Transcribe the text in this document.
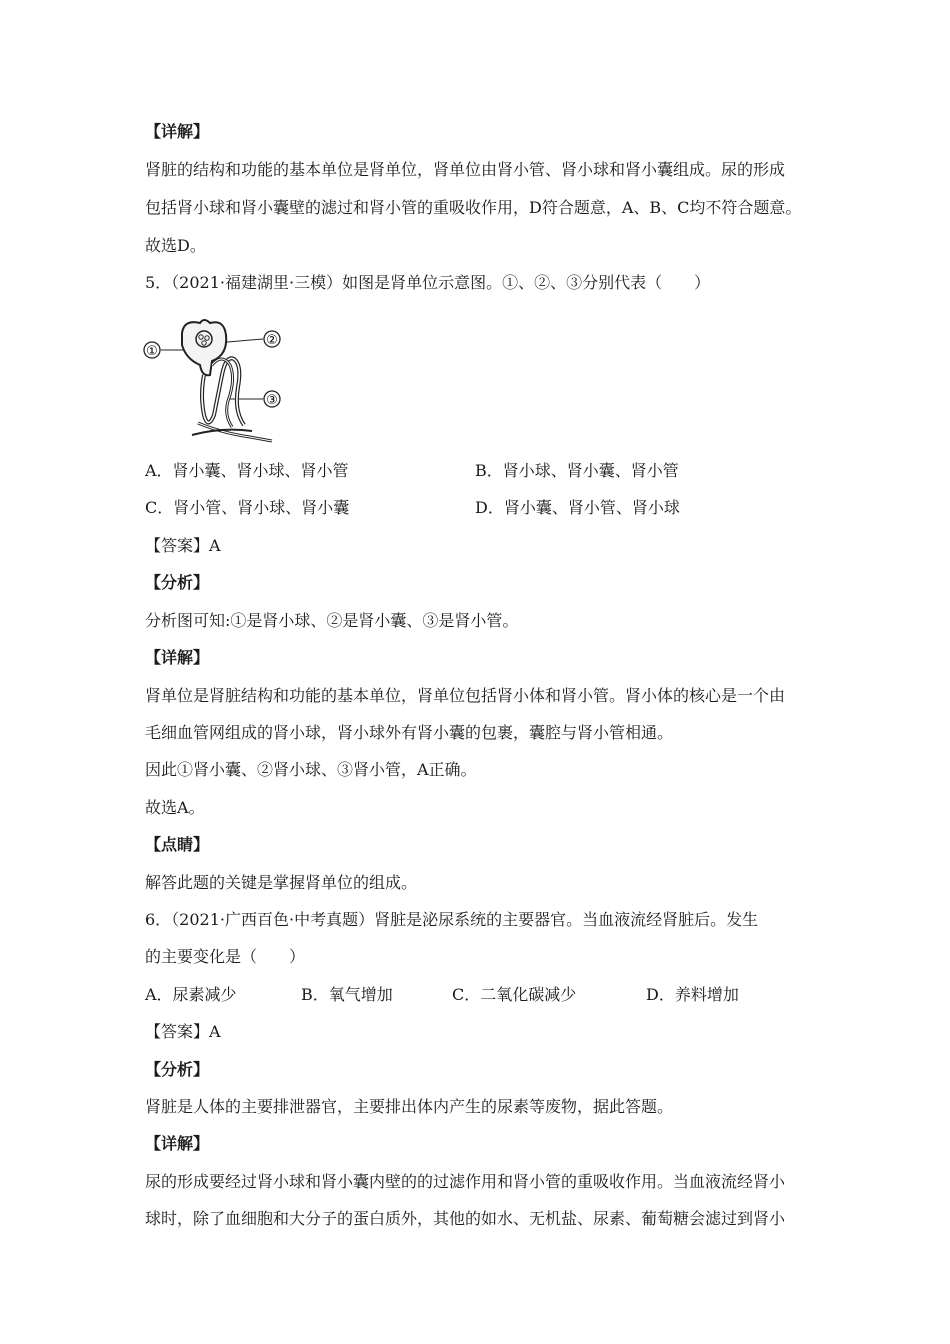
【详解】
肾脏的结构和功能的基本单位是肾单位，肾单位由肾小管、肾小球和肾小囊组成。尿的形成
包括肾小球和肾小囊壁的滤过和肾小管的重吸收作用，D符合题意，A、B、C均不符合题意。
故选D。
5．（2021·福建湖里·三模）如图是肾单位示意图。①、②、③分别代表（　　）
①
②
③
A．肾小囊、肾小球、肾小管	B．肾小球、肾小囊、肾小管
C．肾小管、肾小球、肾小囊	D．肾小囊、肾小管、肾小球
【答案】A
【分析】
分析图可知:①是肾小球、②是肾小囊、③是肾小管。
【详解】
肾单位是肾脏结构和功能的基本单位，肾单位包括肾小体和肾小管。肾小体的核心是一个由
毛细血管网组成的肾小球，肾小球外有肾小囊的包裹，囊腔与肾小管相通。
因此①肾小囊、②肾小球、③肾小管，A正确。
故选A。
【点睛】
解答此题的关键是掌握肾单位的组成。
6．（2021·广西百色·中考真题）肾脏是泌尿系统的主要器官。当血液流经肾脏后。发生
的主要变化是（　　）
A．尿素减少	B．氧气增加	C．二氧化碳减少	D．养料增加
【答案】A
【分析】
肾脏是人体的主要排泄器官，主要排出体内产生的尿素等废物，据此答题。
【详解】
尿的形成要经过肾小球和肾小囊内壁的的过滤作用和肾小管的重吸收作用。当血液流经肾小
球时，除了血细胞和大分子的蛋白质外，其他的如水、无机盐、尿素、葡萄糖会滤过到肾小
